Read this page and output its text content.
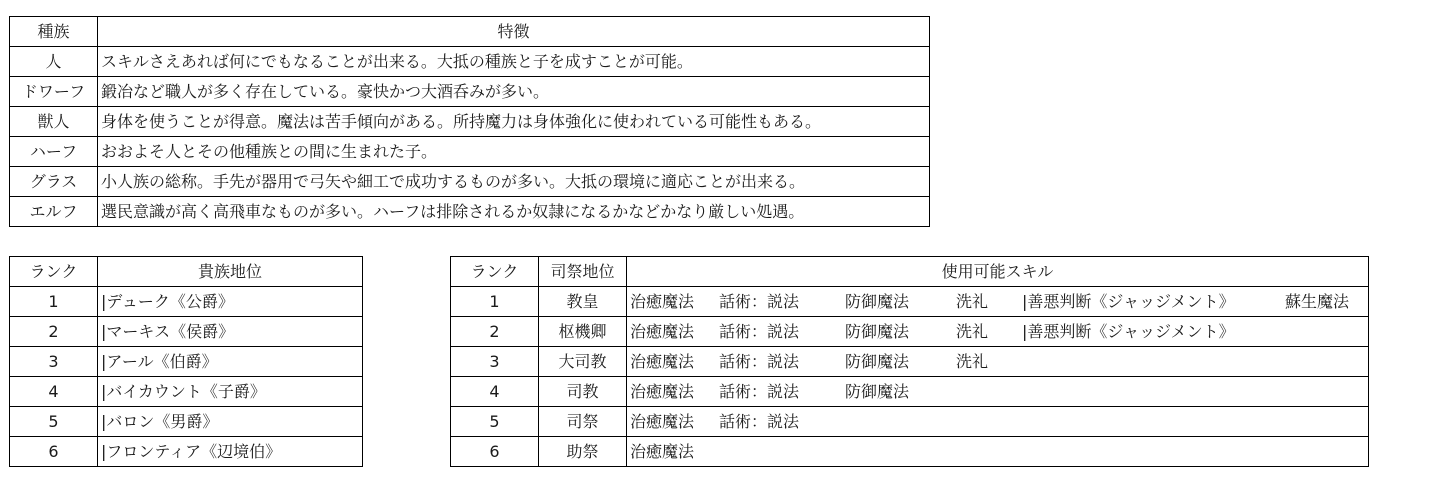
種族	特徴
人	スキルさえあれば何にでもなることが出来る。大抵の種族と子を成すことが可能。
ドワーフ	鍛冶など職人が多く存在している。豪快かつ大酒呑みが多い。
獣人	身体を使うことが得意。魔法は苦手傾向がある。所持魔力は身体強化に使われている可能性もある。
ハーフ	おおよそ人とその他種族との間に生まれた子。
グラス	小人族の総称。手先が器用で弓矢や細工で成功するものが多い。大抵の環境に適応ことが出来る。
エルフ	選民意識が高く高飛車なものが多い。ハーフは排除されるか奴隷になるかなどかなり厳しい処遇。
ランク	貴族地位
1	|デューク《公爵》
2	|マーキス《侯爵》
3	|アール《伯爵》
4	|バイカウント《子爵》
5	|バロン《男爵》
6	|フロンティア《辺境伯》
ランク	司祭地位	使用可能スキル
1	教皇	治癒魔法 話術：説法 防御魔法 洗礼 |善悪判断《ジャッジメント》 蘇生魔法
2	枢機卿	治癒魔法 話術：説法 防御魔法 洗礼 |善悪判断《ジャッジメント》
3	大司教	治癒魔法 話術：説法 防御魔法 洗礼
4	司教	治癒魔法 話術：説法 防御魔法
5	司祭	治癒魔法 話術：説法
6	助祭	治癒魔法
